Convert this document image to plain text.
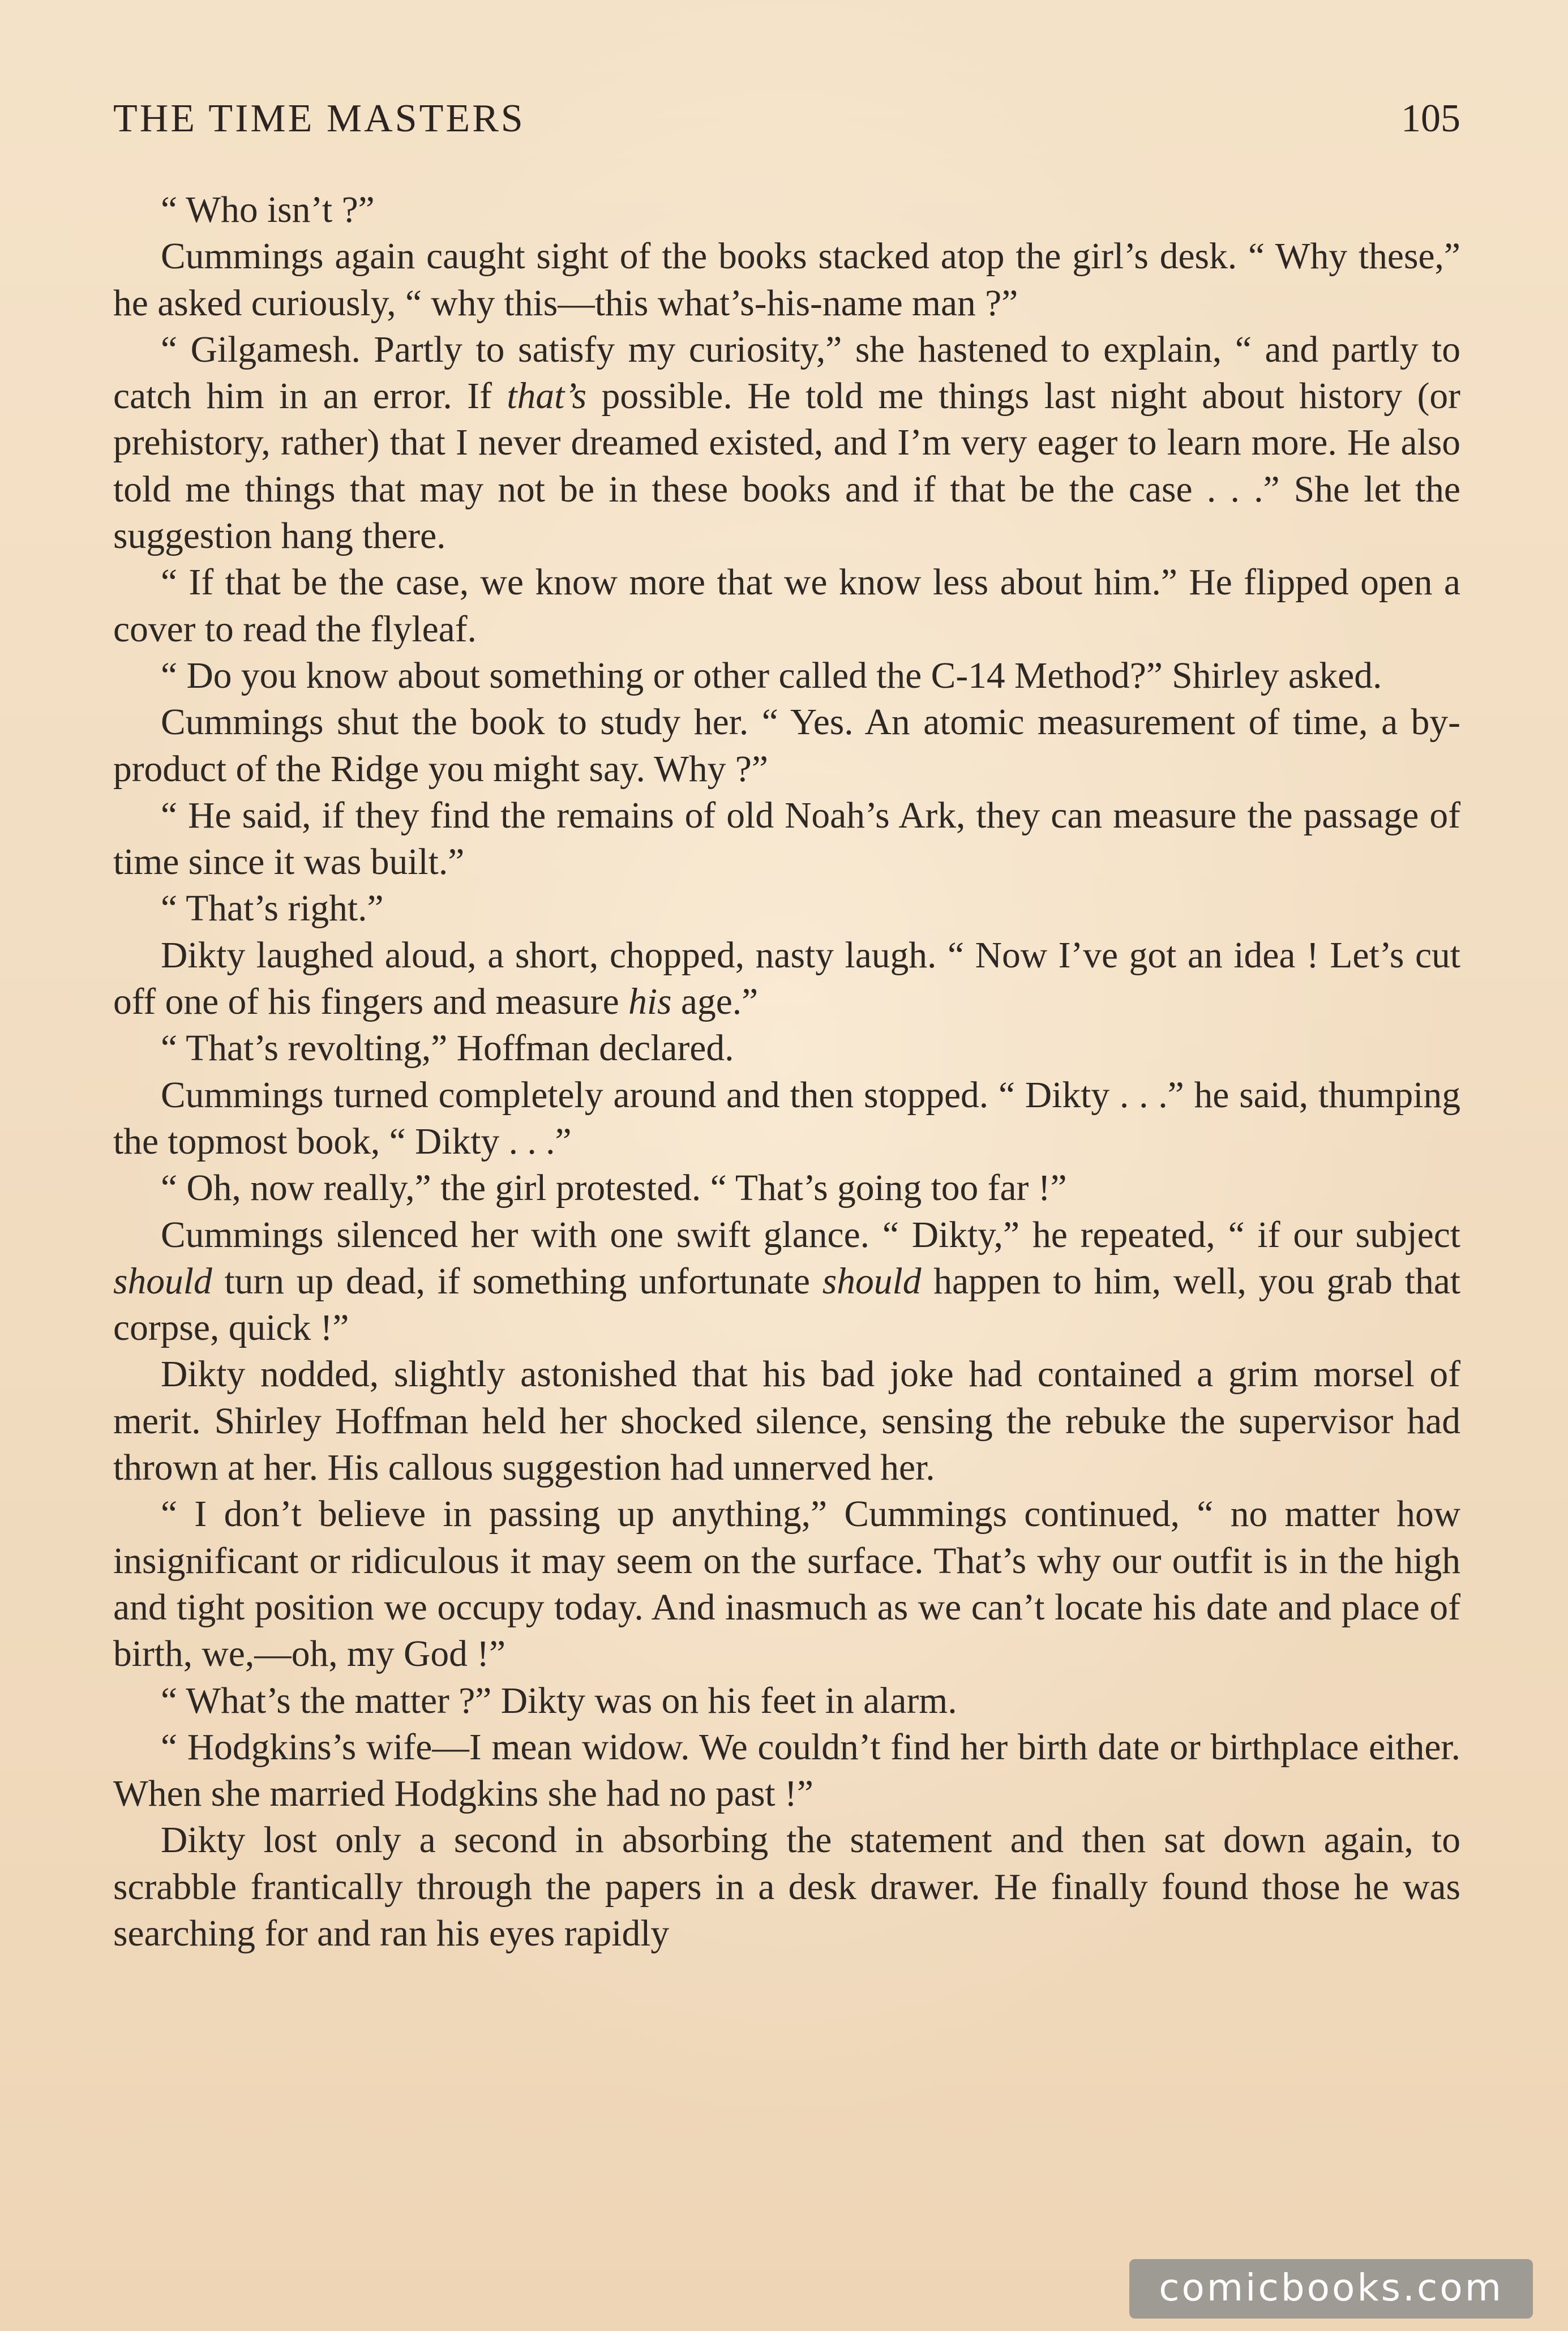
THE TIME MASTERS	105

“ Who isn’t ?”

Cummings again caught sight of the books stacked atop the girl’s desk. “ Why these,” he asked curiously, “ why this—this what’s-his-name man ?”

“ Gilgamesh. Partly to satisfy my curiosity,” she hastened to explain, “ and partly to catch him in an error. If that’s possible. He told me things last night about history (or prehistory, rather) that I never dreamed existed, and I’m very eager to learn more. He also told me things that may not be in these books and if that be the case . . .” She let the suggestion hang there.

“ If that be the case, we know more that we know less about him.” He flipped open a cover to read the flyleaf.

“ Do you know about something or other called the C-14 Method?” Shirley asked.

Cummings shut the book to study her. “ Yes. An atomic measurement of time, a by-product of the Ridge you might say. Why ?”

“ He said, if they find the remains of old Noah’s Ark, they can measure the passage of time since it was built.”

“ That’s right.”

Dikty laughed aloud, a short, chopped, nasty laugh. “ Now I’ve got an idea ! Let’s cut off one of his fingers and measure his age.”

“ That’s revolting,” Hoffman declared.

Cummings turned completely around and then stopped. “ Dikty . . .” he said, thumping the topmost book, “ Dikty . . .”

“ Oh, now really,” the girl protested. “ That’s going too far !”

Cummings silenced her with one swift glance. “ Dikty,” he repeated, “ if our subject should turn up dead, if something unfortunate should happen to him, well, you grab that corpse, quick !”

Dikty nodded, slightly astonished that his bad joke had contained a grim morsel of merit. Shirley Hoffman held her shocked silence, sensing the rebuke the supervisor had thrown at her. His callous suggestion had unnerved her.

“ I don’t believe in passing up anything,” Cummings continued, “ no matter how insignificant or ridiculous it may seem on the surface. That’s why our outfit is in the high and tight position we occupy today. And inasmuch as we can’t locate his date and place of birth, we,—oh, my God !”

“ What’s the matter ?” Dikty was on his feet in alarm.

“ Hodgkins’s wife—I mean widow. We couldn’t find her birth date or birthplace either. When she married Hodgkins she had no past !”

Dikty lost only a second in absorbing the statement and then sat down again, to scrabble frantically through the papers in a desk drawer. He finally found those he was searching for and ran his eyes rapidly

comicbooks.com
